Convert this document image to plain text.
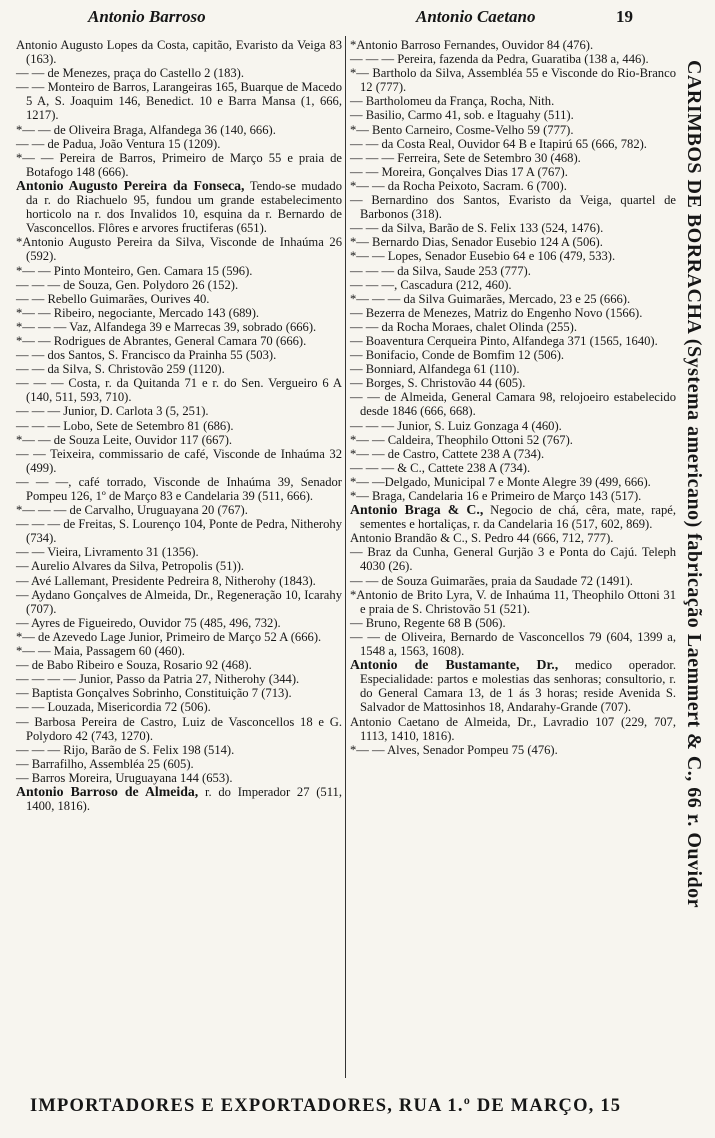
Antonio Barroso	Antonio Caetano	19

Antonio Augusto Lopes da Costa, capitão, Evaristo da Veiga 83 (163).

— — de Menezes, praça do Castello 2 (183).

— — Monteiro de Barros, Larangeiras 165, Buarque de Macedo 5 A, S. Joaquim 146, Benedict. 10 e Barra Mansa (1, 666, 1217).

*— — de Oliveira Braga, Alfandega 36 (140, 666).

— — de Padua, João Ventura 15 (1209).

*— — Pereira de Barros, Primeiro de Março 55 e praia de Botafogo 148 (666).

Antonio Augusto Pereira da Fonseca, Tendo-se mudado da r. do Riachuelo 95, fundou um grande estabelecimento horticolo na r. dos Invalidos 10, esquina da r. Bernardo de Vasconcellos. Flôres e arvores fructiferas (651).

*Antonio Augusto Pereira da Silva, Visconde de Inhaúma 26 (592).

*— — Pinto Monteiro, Gen. Camara 15 (596).

— — — de Souza, Gen. Polydoro 26 (152).

— — Rebello Guimarães, Ourives 40.

*— — Ribeiro, negociante, Mercado 143 (689).

*— — — Vaz, Alfandega 39 e Marrecas 39, sobrado (666).

*— — Rodrigues de Abrantes, General Camara 70 (666).

— — dos Santos, S. Francisco da Prainha 55 (503).

— — da Silva, S. Christovão 259 (1120).

— — — Costa, r. da Quitanda 71 e r. do Sen. Vergueiro 6 A (140, 511, 593, 710).

— — — Junior, D. Carlota 3 (5, 251).

— — — Lobo, Sete de Setembro 81 (686).

*— — de Souza Leite, Ouvidor 117 (667).

— — Teixeira, commissario de café, Visconde de Inhaúma 32 (499).

— — —, café torrado, Visconde de Inhaúma 39, Senador Pompeu 126, 1º de Março 83 e Candelaria 39 (511, 666).

*— — — de Carvalho, Uruguayana 20 (767).

— — — de Freitas, S. Lourenço 104, Ponte de Pedra, Nitherohy (734).

— — Vieira, Livramento 31 (1356).

— Aurelio Alvares da Silva, Petropolis (51)).

— Avé Lallemant, Presidente Pedreira 8, Nitherohy (1843).

— Aydano Gonçalves de Almeida, Dr., Regeneração 10, Icarahy (707).

— Ayres de Figueiredo, Ouvidor 75 (485, 496, 732).

*— de Azevedo Lage Junior, Primeiro de Março 52 A (666).

*— — Maia, Passagem 60 (460).

— de Babo Ribeiro e Souza, Rosario 92 (468).

— — — — Junior, Passo da Patria 27, Nitherohy (344).

— Baptista Gonçalves Sobrinho, Constituição 7 (713).

— — Louzada, Misericordia 72 (506).

— Barbosa Pereira de Castro, Luiz de Vasconcellos 18 e G. Polydoro 42 (743, 1270).

— — — Rijo, Barão de S. Felix 198 (514).

— Barrafilho, Assembléa 25 (605).

— Barros Moreira, Uruguayana 144 (653).

Antonio Barroso de Almeida, r. do Imperador 27 (511, 1400, 1816).

*Antonio Barroso Fernandes, Ouvidor 84 (476).

— — — Pereira, fazenda da Pedra, Guaratiba (138 a, 446).

*— Bartholo da Silva, Assembléa 55 e Visconde do Rio-Branco 12 (777).

— Bartholomeu da França, Rocha, Nith.

— Basilio, Carmo 41, sob. e Itaguahy (511).

*— Bento Carneiro, Cosme-Velho 59 (777).

— — da Costa Real, Ouvidor 64 B e Itapirú 65 (666, 782).

— — — Ferreira, Sete de Setembro 30 (468).

— — Moreira, Gonçalves Dias 17 A (767).

*— — da Rocha Peixoto, Sacram. 6 (700).

— Bernardino dos Santos, Evaristo da Veiga, quartel de Barbonos (318).

— — da Silva, Barão de S. Felix 133 (524, 1476).

*— Bernardo Dias, Senador Eusebio 124 A (506).

*— — Lopes, Senador Eusebio 64 e 106 (479, 533).

— — — da Silva, Saude 253 (777).

— — —, Cascadura (212, 460).

*— — — da Silva Guimarães, Mercado, 23 e 25 (666).

— Bezerra de Menezes, Matriz do Engenho Novo (1566).

— — da Rocha Moraes, chalet Olinda (255).

— Boaventura Cerqueira Pinto, Alfandega 371 (1565, 1640).

— Bonifacio, Conde de Bomfim 12 (506).

— Bonniard, Alfandega 61 (110).

— Borges, S. Christovão 44 (605).

— — de Almeida, General Camara 98, relojoeiro estabelecido desde 1846 (666, 668).

— — — Junior, S. Luiz Gonzaga 4 (460).

*— — Caldeira, Theophilo Ottoni 52 (767).

*— — de Castro, Cattete 238 A (734).

— — — & C., Cattete 238 A (734).

*— —Delgado, Municipal 7 e Monte Alegre 39 (499, 666).

*— Braga, Candelaria 16 e Primeiro de Março 143 (517).

Antonio Braga & C., Negocio de chá, cêra, mate, rapé, sementes e hortaliças, r. da Candelaria 16 (517, 602, 869).

Antonio Brandão & C., S. Pedro 44 (666, 712, 777).

— Braz da Cunha, General Gurjão 3 e Ponta do Cajú. Teleph 4030 (26).

— — de Souza Guimarães, praia da Saudade 72 (1491).

*Antonio de Brito Lyra, V. de Inhaúma 11, Theophilo Ottoni 31 e praia de S. Christovão 51 (521).

— Bruno, Regente 68 B (506).

— — de Oliveira, Bernardo de Vasconcellos 79 (604, 1399 a, 1548 a, 1563, 1608).

Antonio de Bustamante, Dr., medico operador. Especialidade: partos e molestias das senhoras; consultorio, r. do General Camara 13, de 1 ás 3 horas; reside Avenida S. Salvador de Mattosinhos 18, Andarahy-Grande (707).

Antonio Caetano de Almeida, Dr., Lavradio 107 (229, 707, 1113, 1410, 1816).

*— — Alves, Senador Pompeu 75 (476).	CARIMBOS DE BORRACHA (Systema americano) fabricação Laemmert & C., 66 r. Ouvidor
IMPORTADORES E EXPORTADORES, RUA 1.º DE MARÇO, 15
